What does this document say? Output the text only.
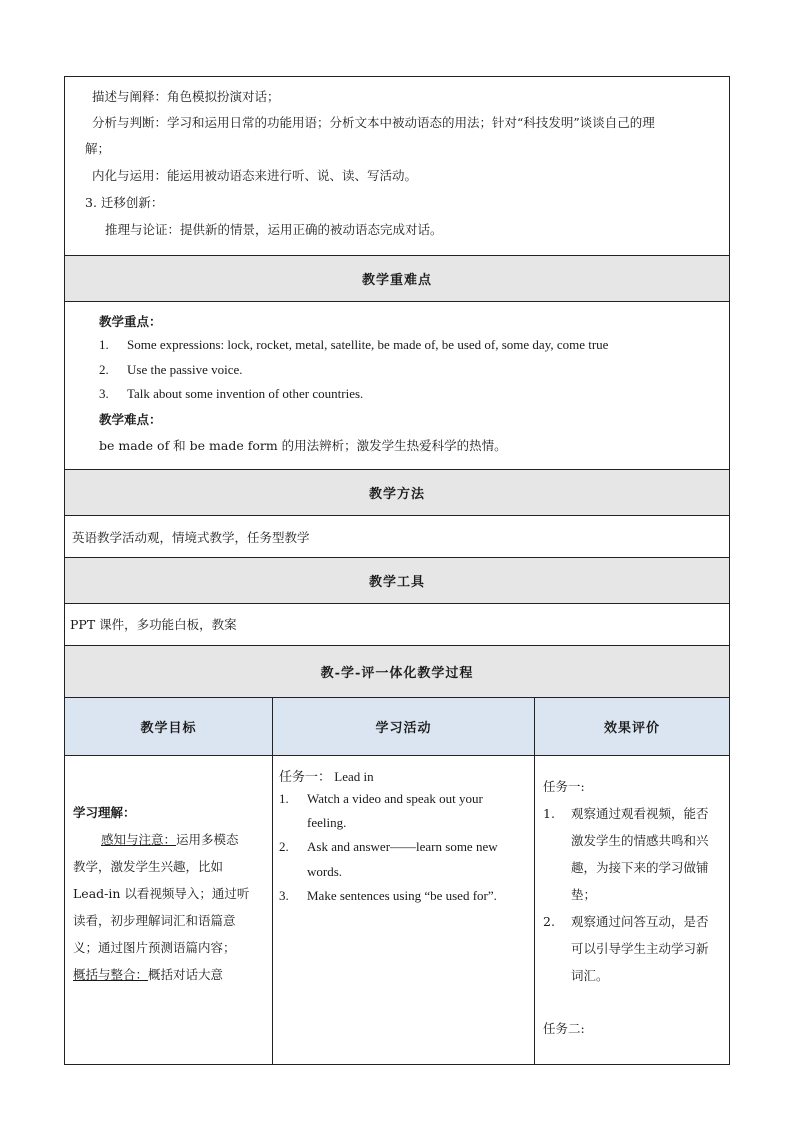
描述与阐释：角色模拟扮演对话；
分析与判断：学习和运用日常的功能用语；分析文本中被动语态的用法；针对“科技发明”谈谈自己的理
解；
内化与运用：能运用被动语态来进行听、说、读、写活动。
3. 迁移创新：
推理与论证：提供新的情景，运用正确的被动语态完成对话。
教学重难点
教学重点：
1. Some expressions: lock, rocket, metal, satellite, be made of, be used of, some day, come true
2. Use the passive voice.
3. Talk about some invention of other countries.
教学难点：
be made of 和 be made form 的用法辨析；激发学生热爱科学的热情。
教学方法
英语教学活动观，情境式教学，任务型教学
教学工具
PPT 课件，多功能白板，教案
教-学-评一体化教学过程
教学目标	学习活动	效果评价
学习理解：
感知与注意：运用多模态
教学，激发学生兴趣，比如
Lead-in 以看视频导入；通过听
读看，初步理解词汇和语篇意
义；通过图片预测语篇内容；
概括与整合：概括对话大意
任务一： Lead in
1. Watch a video and speak out your
feeling.
2. Ask and answer——learn some new
words.
3. Make sentences using “be used for”.
任务一:
1. 观察通过观看视频，能否
激发学生的情感共鸣和兴
趣，为接下来的学习做铺
垫；
2. 观察通过问答互动，是否
可以引导学生主动学习新
词汇。
任务二:
